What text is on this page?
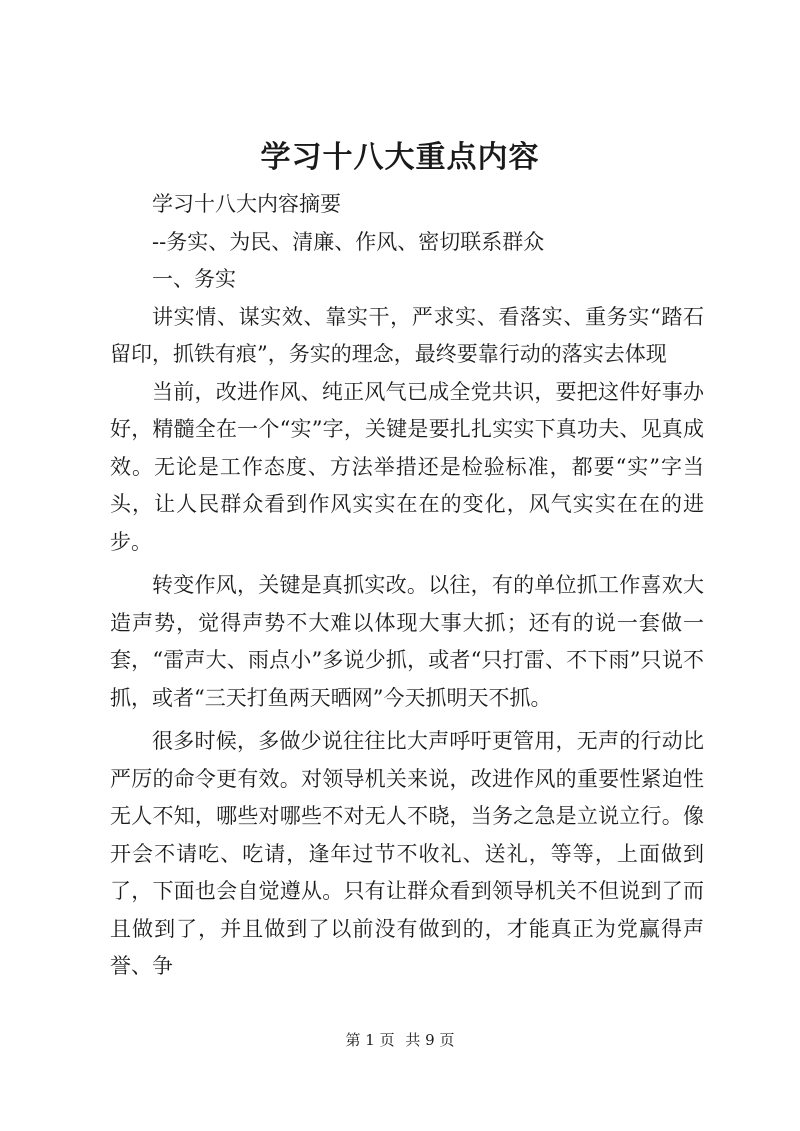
学习十八大重点内容

学习十八大内容摘要

--务实、为民、清廉、作风、密切联系群众

一、务实

讲实情、谋实效、靠实干，严求实、看落实、重务实“踏石留印，抓铁有痕”，务实的理念，最终要靠行动的落实去体现

当前，改进作风、纯正风气已成全党共识，要把这件好事办好，精髓全在一个“实”字，关键是要扎扎实实下真功夫、见真成效。无论是工作态度、方法举措还是检验标准，都要“实”字当头，让人民群众看到作风实实在在的变化，风气实实在在的进步。

转变作风，关键是真抓实改。以往，有的单位抓工作喜欢大造声势，觉得声势不大难以体现大事大抓；还有的说一套做一套，“雷声大、雨点小”多说少抓，或者“只打雷、不下雨”只说不抓，或者“三天打鱼两天晒网”今天抓明天不抓。

很多时候，多做少说往往比大声呼吁更管用，无声的行动比严厉的命令更有效。对领导机关来说，改进作风的重要性紧迫性无人不知，哪些对哪些不对无人不晓，当务之急是立说立行。像开会不请吃、吃请，逢年过节不收礼、送礼，等等，上面做到了，下面也会自觉遵从。只有让群众看到领导机关不但说到了而且做到了，并且做到了以前没有做到的，才能真正为党赢得声誉、争

第 1 页 共 9 页
